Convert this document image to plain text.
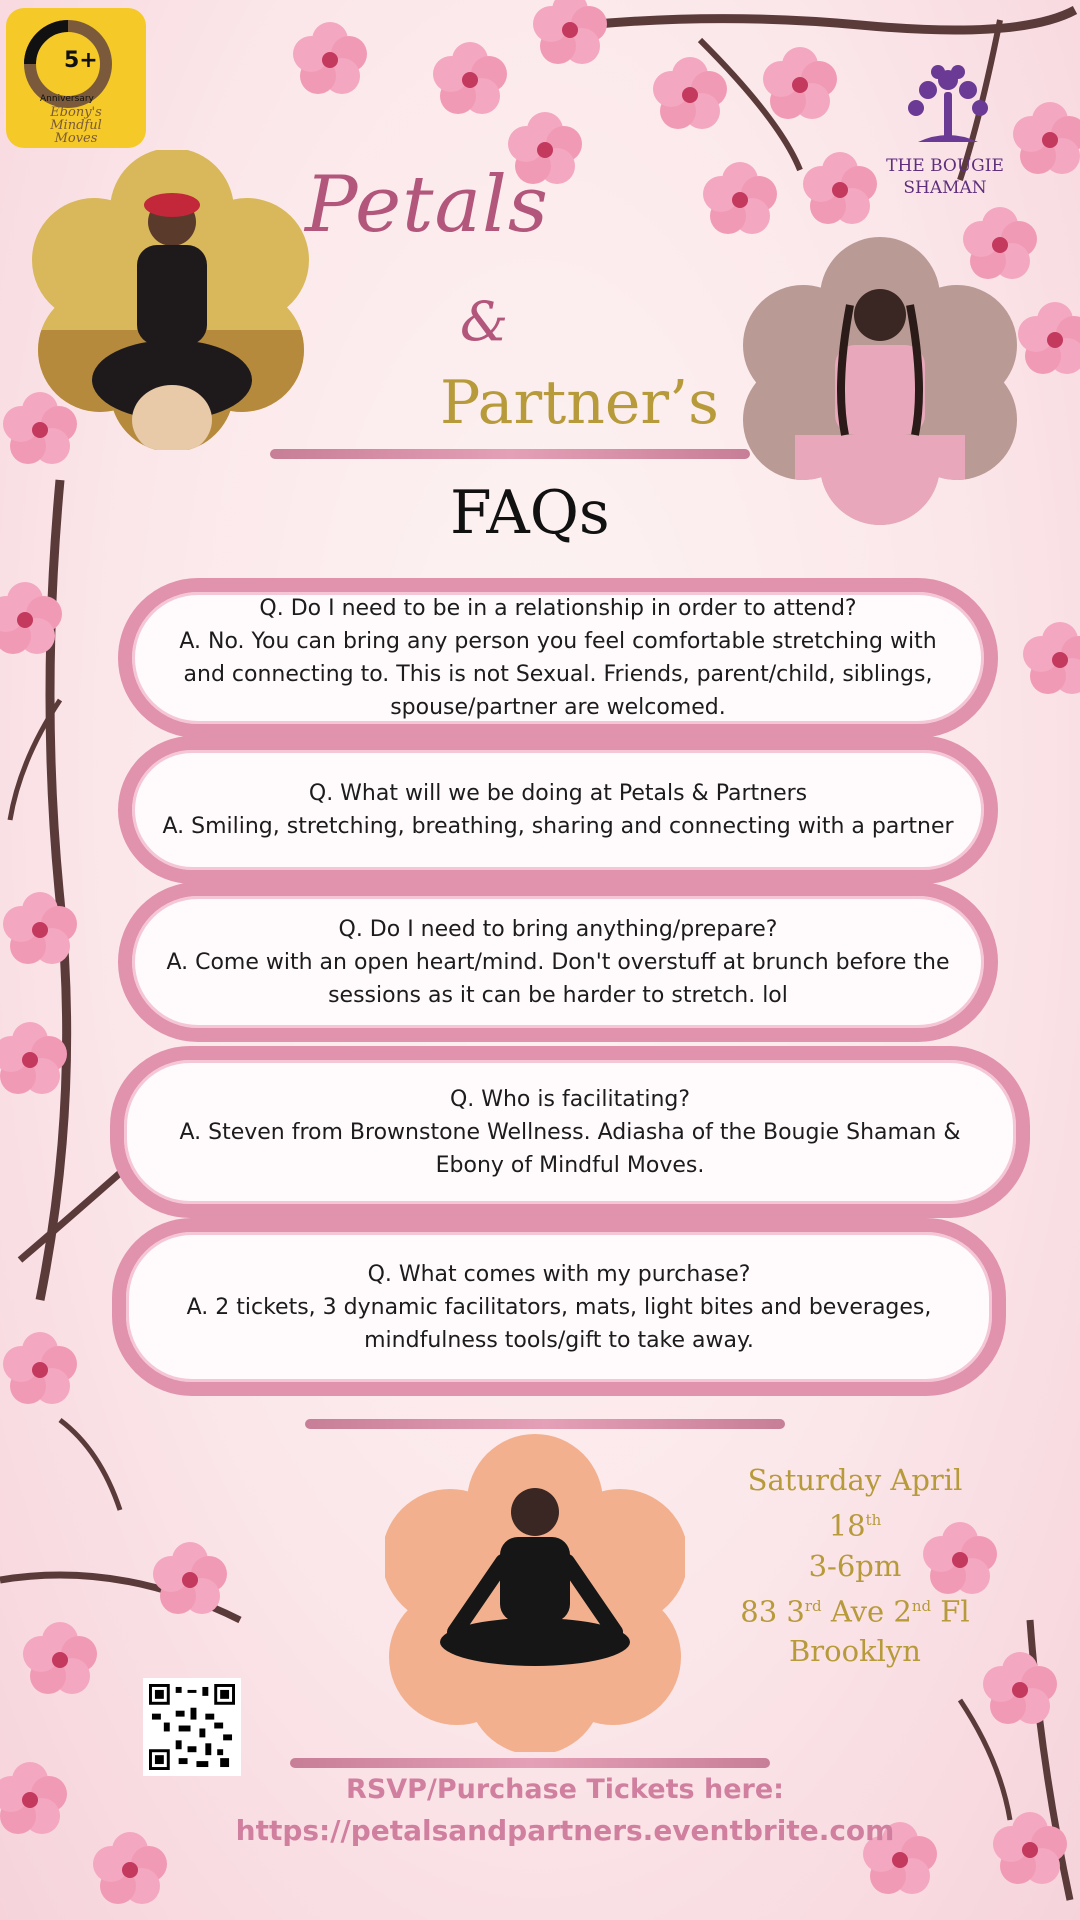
5+
Anniversary
Ebony's
Mindful
Moves
THE BOUGIE
SHAMAN
Petals
&
Partner’s
FAQs

Q. Do I need to be in a relationship in order to attend?

A. No. You can bring any person you feel comfortable stretching with and connecting to. This is not Sexual. Friends, parent/child, siblings, spouse/partner are welcomed.

Q. What will we be doing at Petals & Partners

A. Smiling, stretching, breathing, sharing and connecting with a partner

Q. Do I need to bring anything/prepare?

A. Come with an open heart/mind. Don't overstuff at brunch before the sessions as it can be harder to stretch. lol

Q. Who is facilitating?

A. Steven from Brownstone Wellness. Adiasha of the Bougie Shaman & Ebony of Mindful Moves.

Q. What comes with my purchase?

A. 2 tickets, 3 dynamic facilitators, mats, light bites and beverages, mindfulness tools/gift to take away.

Saturday April
18th
3-6pm
83 3rd Ave 2nd Fl
Brooklyn
RSVP/Purchase Tickets here:
https://petalsandpartners.eventbrite.com
